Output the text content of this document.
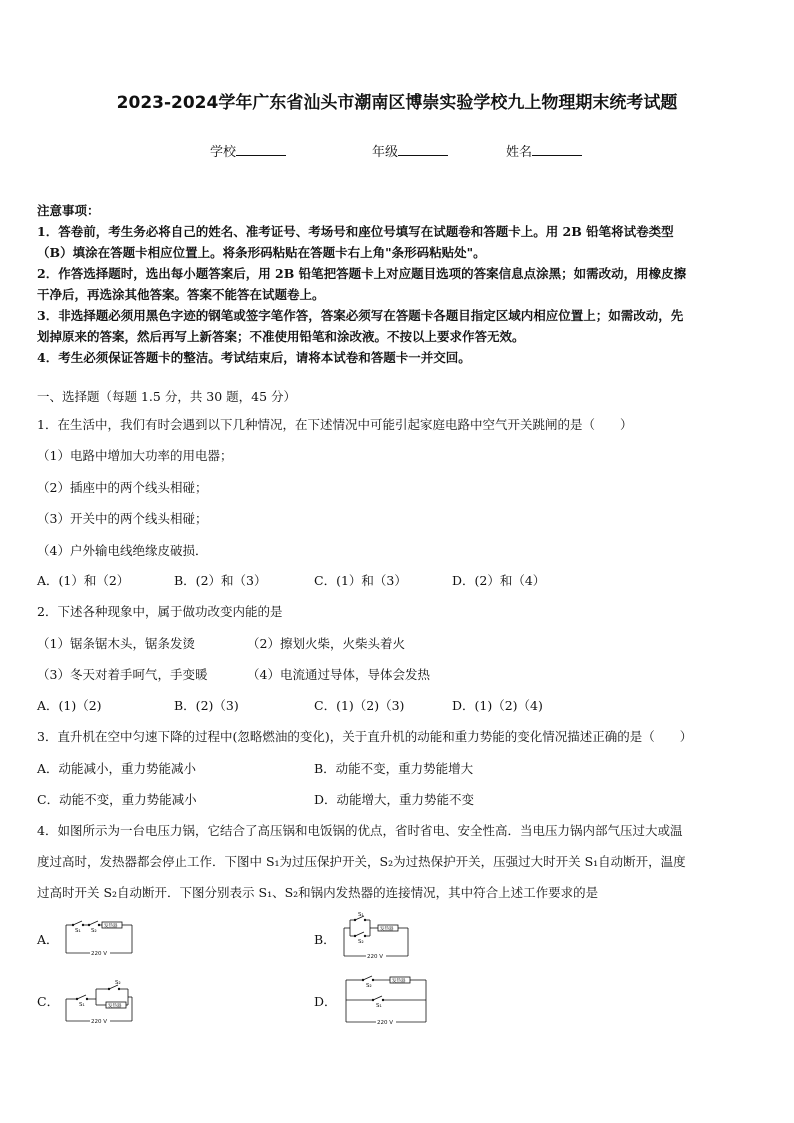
2023-2024学年广东省汕头市潮南区博崇实验学校九上物理期末统考试题
学校	年级	姓名
注意事项：
1．答卷前，考生务必将自己的姓名、准考证号、考场号和座位号填写在试题卷和答题卡上。用 2B 铅笔将试卷类型
（B）填涂在答题卡相应位置上。将条形码粘贴在答题卡右上角"条形码粘贴处"。
2．作答选择题时，选出每小题答案后，用 2B 铅笔把答题卡上对应题目选项的答案信息点涂黑；如需改动，用橡皮擦
干净后，再选涂其他答案。答案不能答在试题卷上。
3．非选择题必须用黑色字迹的钢笔或签字笔作答，答案必须写在答题卡各题目指定区域内相应位置上；如需改动，先
划掉原来的答案，然后再写上新答案；不准使用铅笔和涂改液。不按以上要求作答无效。
4．考生必须保证答题卡的整洁。考试结束后，请将本试卷和答题卡一并交回。
一、选择题（每题 1.5 分，共 30 题，45 分）
1．在生活中，我们有时会遇到以下几种情况，在下述情况中可能引起家庭电路中空气开关跳闸的是（　　）
（1）电路中增加大功率的用电器；
（2）插座中的两个线头相碰；
（3）开关中的两个线头相碰；
（4）户外输电线绝缘皮破损．
A．(1）和（2）	B．(2）和（3）	C．(1）和（3）	D．(2）和（4）
2．下述各种现象中，属于做功改变内能的是
（1）锯条锯木头，锯条发烫	（2）擦划火柴，火柴头着火
（3）冬天对着手呵气，手变暖	（4）电流通过导体，导体会发热
A．(1)（2)	B．(2)（3)	C．(1)（2)（3)	D．(1)（2)（4)
3．直升机在空中匀速下降的过程中(忽略燃油的变化)，关于直升机的动能和重力势能的变化情况描述正确的是（　　）
A．动能减小，重力势能减小	B．动能不变，重力势能增大
C．动能不变，重力势能减小	D．动能增大，重力势能不变
4．如图所示为一台电压力锅，它结合了高压锅和电饭锅的优点，省时省电、安全性高．当电压力锅内部气压过大或温
度过高时，发热器都会停止工作．下图中 S₁为过压保护开关，S₂为过热保护开关，压强过大时开关 S₁自动断开，温度
过高时开关 S₂自动断开．下图分别表示 S₁、S₂和锅内发热器的连接情况，其中符合上述工作要求的是
A．	B．
C．	D．
S₁ S₂
发热器
220 V
S₁
S₂
发热器
220 V
S₁
S₂
发热器
220 V
S₂
S₁
发热器
220 V
